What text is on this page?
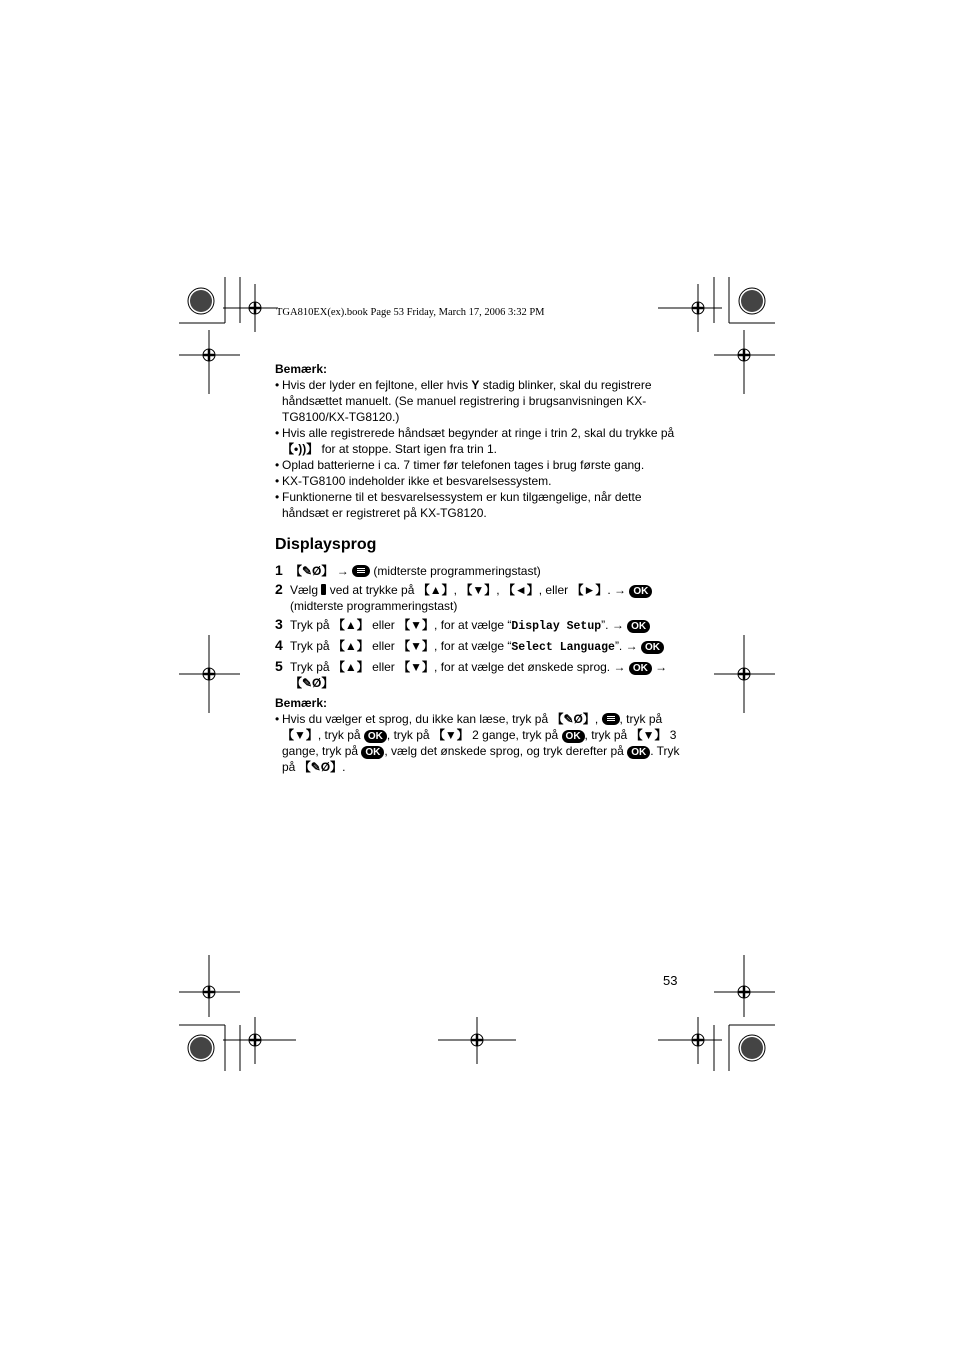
TGA810EX(ex).book Page 53 Friday, March 17, 2006 3:32 PM

Bemærk:

• Hvis der lyder en fejltone, eller hvis Y stadig blinker, skal du registrere håndsættet manuelt. (Se manuel registrering i brugsanvisningen KX-TG8100/KX-TG8120.)
• Hvis alle registrerede håndsæt begynder at ringe i trin 2, skal du trykke på 【•))】 for at stoppe. Start igen fra trin 1.
• Oplad batterierne i ca. 7 timer før telefonen tages i brug første gang.
• KX-TG8100 indeholder ikke et besvarelsessystem.
• Funktionerne til et besvarelsessystem er kun tilgængelige, når dette håndsæt er registreret på KX-TG8120.
Displaysprog
1 【✎Ø】 → (midterste programmeringstast)
2 Vælg  ved at trykke på 【▲】, 【▼】, 【◄】, eller 【►】. → OK (midterste programmeringstast)
3 Tryk på 【▲】 eller 【▼】, for at vælge “Display Setup”. → OK
4 Tryk på 【▲】 eller 【▼】, for at vælge “Select Language”. → OK
5 Tryk på 【▲】 eller 【▼】, for at vælge det ønskede sprog. → OK →
【✎Ø】

Bemærk:

• Hvis du vælger et sprog, du ikke kan læse, tryk på 【✎Ø】, , tryk på 【▼】, tryk på OK , tryk på 【▼】 2 gange, tryk på OK , tryk på 【▼】 3 gange, tryk på OK , vælg det ønskede sprog, og tryk derefter på OK . Tryk på 【✎Ø】.
53
